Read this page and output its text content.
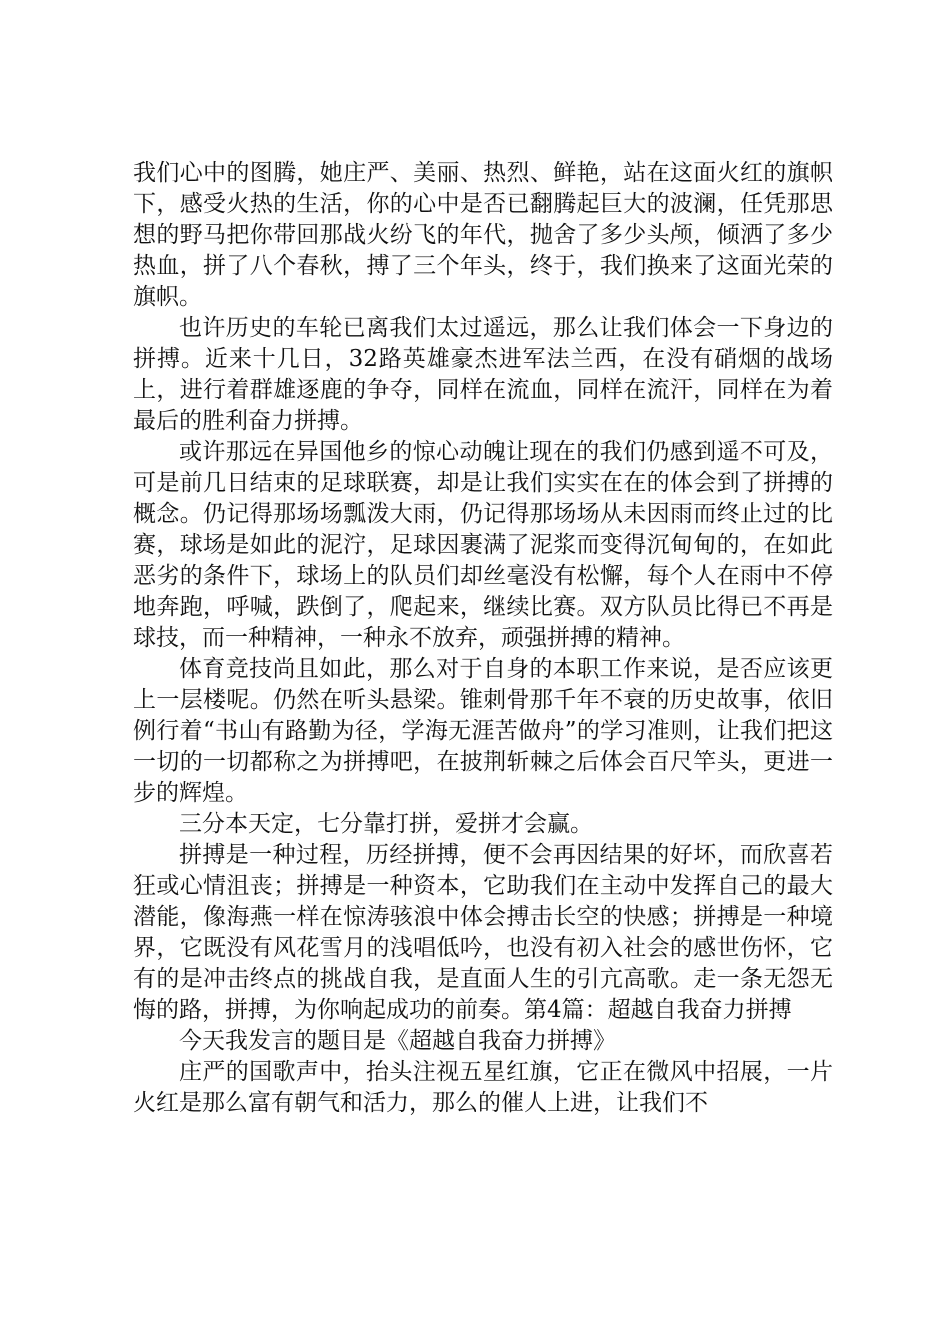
我们心中的图腾，她庄严、美丽、热烈、鲜艳，站在这面火红的旗帜下，感受火热的生活，你的心中是否已翻腾起巨大的波澜，任凭那思想的野马把你带回那战火纷飞的年代，抛舍了多少头颅，倾洒了多少热血，拼了八个春秋，搏了三个年头，终于，我们换来了这面光荣的旗帜。

也许历史的车轮已离我们太过遥远，那么让我们体会一下身边的拼搏。近来十几日，32路英雄豪杰进军法兰西，在没有硝烟的战场上，进行着群雄逐鹿的争夺，同样在流血，同样在流汗，同样在为着最后的胜利奋力拼搏。

或许那远在异国他乡的惊心动魄让现在的我们仍感到遥不可及，可是前几日结束的足球联赛，却是让我们实实在在的体会到了拼搏的概念。仍记得那场场瓢泼大雨，仍记得那场场从未因雨而终止过的比赛，球场是如此的泥泞，足球因裹满了泥浆而变得沉甸甸的，在如此恶劣的条件下，球场上的队员们却丝毫没有松懈，每个人在雨中不停地奔跑，呼喊，跌倒了，爬起来，继续比赛。双方队员比得已不再是球技，而一种精神，一种永不放弃，顽强拼搏的精神。

体育竞技尚且如此，那么对于自身的本职工作来说，是否应该更上一层楼呢。仍然在听头悬梁。锥刺骨那千年不衰的历史故事，依旧例行着“书山有路勤为径，学海无涯苦做舟”的学习准则，让我们把这一切的一切都称之为拼搏吧，在披荆斩棘之后体会百尺竿头，更进一步的辉煌。

三分本天定，七分靠打拼，爱拼才会赢。

拼搏是一种过程，历经拼搏，便不会再因结果的好坏，而欣喜若狂或心情沮丧；拼搏是一种资本，它助我们在主动中发挥自己的最大潜能，像海燕一样在惊涛骇浪中体会搏击长空的快感；拼搏是一种境界，它既没有风花雪月的浅唱低吟，也没有初入社会的感世伤怀，它有的是冲击终点的挑战自我，是直面人生的引亢高歌。走一条无怨无悔的路，拼搏，为你响起成功的前奏。第4篇：超越自我奋力拼搏

今天我发言的题目是《超越自我奋力拼搏》

庄严的国歌声中，抬头注视五星红旗，它正在微风中招展，一片火红是那么富有朝气和活力，那么的催人上进，让我们不
